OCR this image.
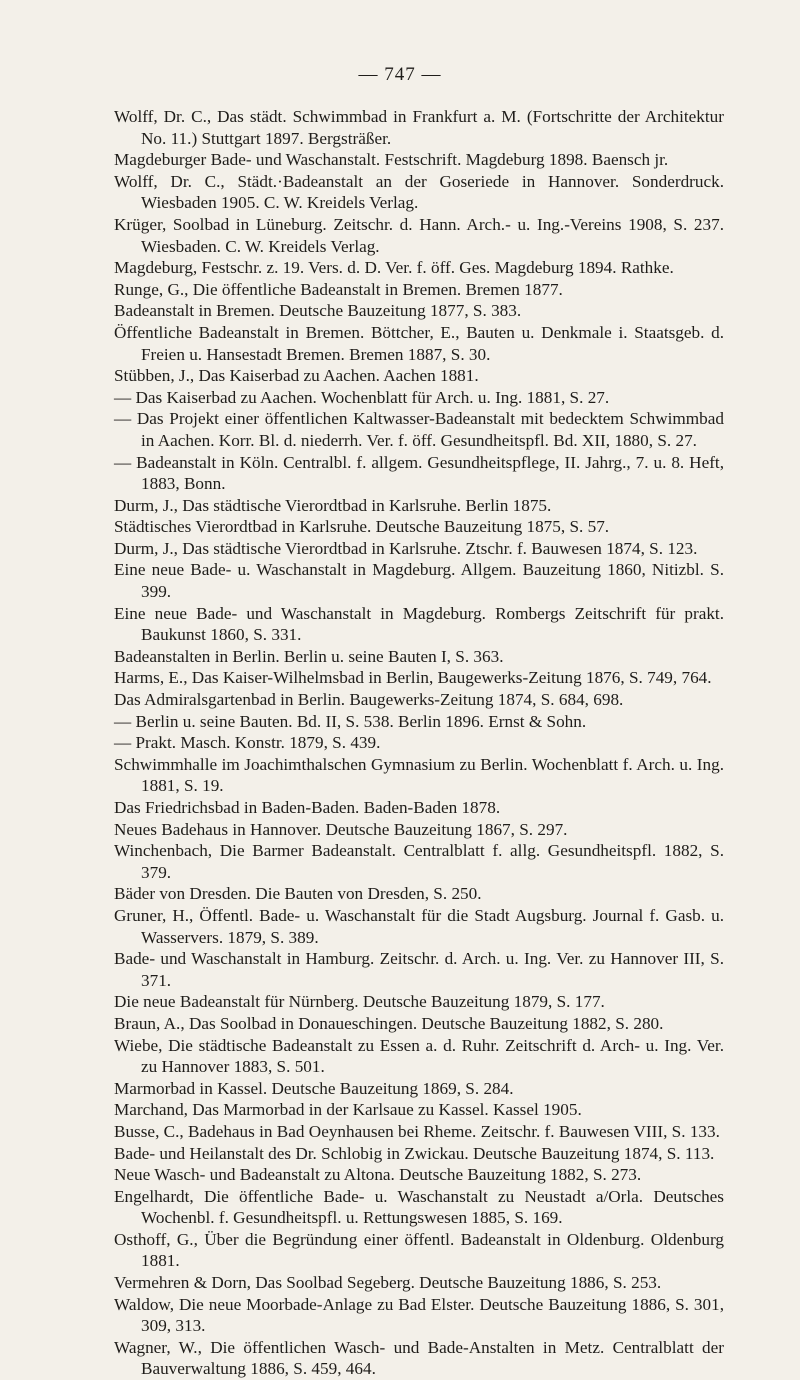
— 747 —
Wolff, Dr. C., Das städt. Schwimmbad in Frankfurt a. M. (Fortschritte der Architektur No. 11.) Stuttgart 1897. Bergsträßer.
Magdeburger Bade- und Waschanstalt. Festschrift. Magdeburg 1898. Baensch jr.
Wolff, Dr. C., Städt.·Badeanstalt an der Goseriede in Hannover. Sonderdruck. Wiesbaden 1905. C. W. Kreidels Verlag.
Krüger, Soolbad in Lüneburg. Zeitschr. d. Hann. Arch.- u. Ing.-Vereins 1908, S. 237. Wiesbaden. C. W. Kreidels Verlag.
Magdeburg, Festschr. z. 19. Vers. d. D. Ver. f. öff. Ges. Magdeburg 1894. Rathke.
Runge, G., Die öffentliche Badeanstalt in Bremen. Bremen 1877.
Badeanstalt in Bremen. Deutsche Bauzeitung 1877, S. 383.
Öffentliche Badeanstalt in Bremen. Böttcher, E., Bauten u. Denkmale i. Staatsgeb. d. Freien u. Hansestadt Bremen. Bremen 1887, S. 30.
Stübben, J., Das Kaiserbad zu Aachen. Aachen 1881.
— Das Kaiserbad zu Aachen. Wochenblatt für Arch. u. Ing. 1881, S. 27.
— Das Projekt einer öffentlichen Kaltwasser-Badeanstalt mit bedecktem Schwimmbad in Aachen. Korr. Bl. d. niederrh. Ver. f. öff. Gesundheitspfl. Bd. XII, 1880, S. 27.
— Badeanstalt in Köln. Centralbl. f. allgem. Gesundheitspflege, II. Jahrg., 7. u. 8. Heft, 1883, Bonn.
Durm, J., Das städtische Vierordtbad in Karlsruhe. Berlin 1875.
Städtisches Vierordtbad in Karlsruhe. Deutsche Bauzeitung 1875, S. 57.
Durm, J., Das städtische Vierordtbad in Karlsruhe. Ztschr. f. Bauwesen 1874, S. 123.
Eine neue Bade- u. Waschanstalt in Magdeburg. Allgem. Bauzeitung 1860, Nitizbl. S. 399.
Eine neue Bade- und Waschanstalt in Magdeburg. Rombergs Zeitschrift für prakt. Baukunst 1860, S. 331.
Badeanstalten in Berlin. Berlin u. seine Bauten I, S. 363.
Harms, E., Das Kaiser-Wilhelmsbad in Berlin, Baugewerks-Zeitung 1876, S. 749, 764.
Das Admiralsgartenbad in Berlin. Baugewerks-Zeitung 1874, S. 684, 698.
— Berlin u. seine Bauten. Bd. II, S. 538. Berlin 1896. Ernst & Sohn.
— Prakt. Masch. Konstr. 1879, S. 439.
Schwimmhalle im Joachimthalschen Gymnasium zu Berlin. Wochenblatt f. Arch. u. Ing. 1881, S. 19.
Das Friedrichsbad in Baden-Baden. Baden-Baden 1878.
Neues Badehaus in Hannover. Deutsche Bauzeitung 1867, S. 297.
Winchenbach, Die Barmer Badeanstalt. Centralblatt f. allg. Gesundheitspfl. 1882, S. 379.
Bäder von Dresden. Die Bauten von Dresden, S. 250.
Gruner, H., Öffentl. Bade- u. Waschanstalt für die Stadt Augsburg. Journal f. Gasb. u. Wasservers. 1879, S. 389.
Bade- und Waschanstalt in Hamburg. Zeitschr. d. Arch. u. Ing. Ver. zu Hannover III, S. 371.
Die neue Badeanstalt für Nürnberg. Deutsche Bauzeitung 1879, S. 177.
Braun, A., Das Soolbad in Donaueschingen. Deutsche Bauzeitung 1882, S. 280.
Wiebe, Die städtische Badeanstalt zu Essen a. d. Ruhr. Zeitschrift d. Arch- u. Ing. Ver. zu Hannover 1883, S. 501.
Marmorbad in Kassel. Deutsche Bauzeitung 1869, S. 284.
Marchand, Das Marmorbad in der Karlsaue zu Kassel. Kassel 1905.
Busse, C., Badehaus in Bad Oeynhausen bei Rheme. Zeitschr. f. Bauwesen VIII, S. 133.
Bade- und Heilanstalt des Dr. Schlobig in Zwickau. Deutsche Bauzeitung 1874, S. 113.
Neue Wasch- und Badeanstalt zu Altona. Deutsche Bauzeitung 1882, S. 273.
Engelhardt, Die öffentliche Bade- u. Waschanstalt zu Neustadt a/Orla. Deutsches Wochenbl. f. Gesundheitspfl. u. Rettungswesen 1885, S. 169.
Osthoff, G., Über die Begründung einer öffentl. Badeanstalt in Oldenburg. Oldenburg 1881.
Vermehren & Dorn, Das Soolbad Segeberg. Deutsche Bauzeitung 1886, S. 253.
Waldow, Die neue Moorbade-Anlage zu Bad Elster. Deutsche Bauzeitung 1886, S. 301, 309, 313.
Wagner, W., Die öffentlichen Wasch- und Bade-Anstalten in Metz. Centralblatt der Bauverwaltung 1886, S. 459, 464.
